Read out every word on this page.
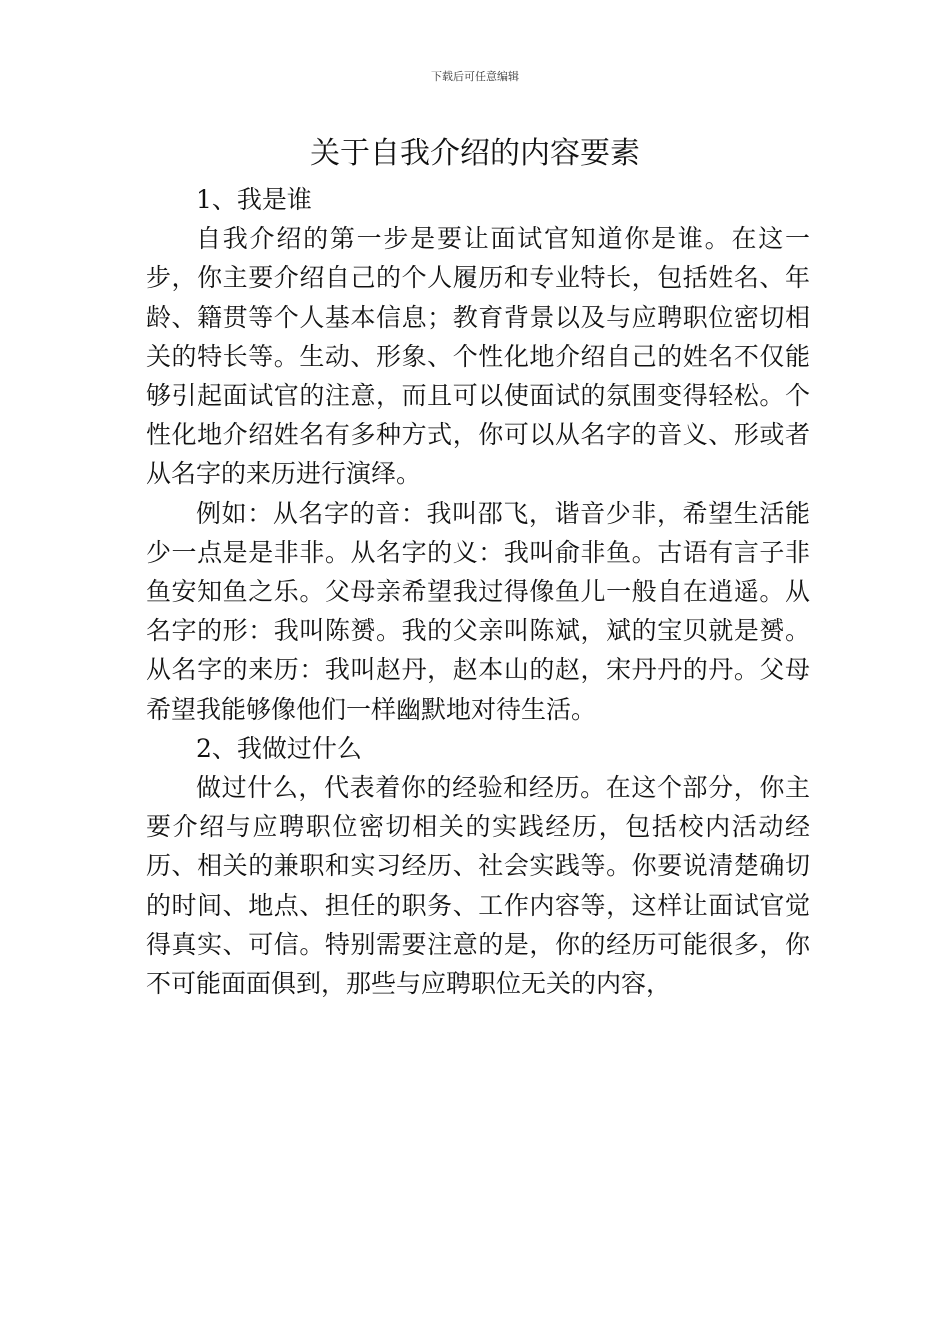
下载后可任意编辑
关于自我介绍的内容要素

1、我是谁

自我介绍的第一步是要让面试官知道你是谁。在这一步，你主要介绍自己的个人履历和专业特长，包括姓名、年龄、籍贯等个人基本信息；教育背景以及与应聘职位密切相关的特长等。生动、形象、个性化地介绍自己的姓名不仅能够引起面试官的注意，而且可以使面试的氛围变得轻松。个性化地介绍姓名有多种方式，你可以从名字的音义、形或者从名字的来历进行演绎。

例如：从名字的音：我叫邵飞，谐音少非，希望生活能少一点是是非非。从名字的义：我叫俞非鱼。古语有言子非鱼安知鱼之乐。父母亲希望我过得像鱼儿一般自在逍遥。从名字的形：我叫陈赟。我的父亲叫陈斌，斌的宝贝就是赟。从名字的来历：我叫赵丹，赵本山的赵，宋丹丹的丹。父母希望我能够像他们一样幽默地对待生活。

2、我做过什么

做过什么，代表着你的经验和经历。在这个部分，你主要介绍与应聘职位密切相关的实践经历，包括校内活动经历、相关的兼职和实习经历、社会实践等。你要说清楚确切的时间、地点、担任的职务、工作内容等，这样让面试官觉得真实、可信。特别需要注意的是，你的经历可能很多，你不可能面面俱到，那些与应聘职位无关的内容，
